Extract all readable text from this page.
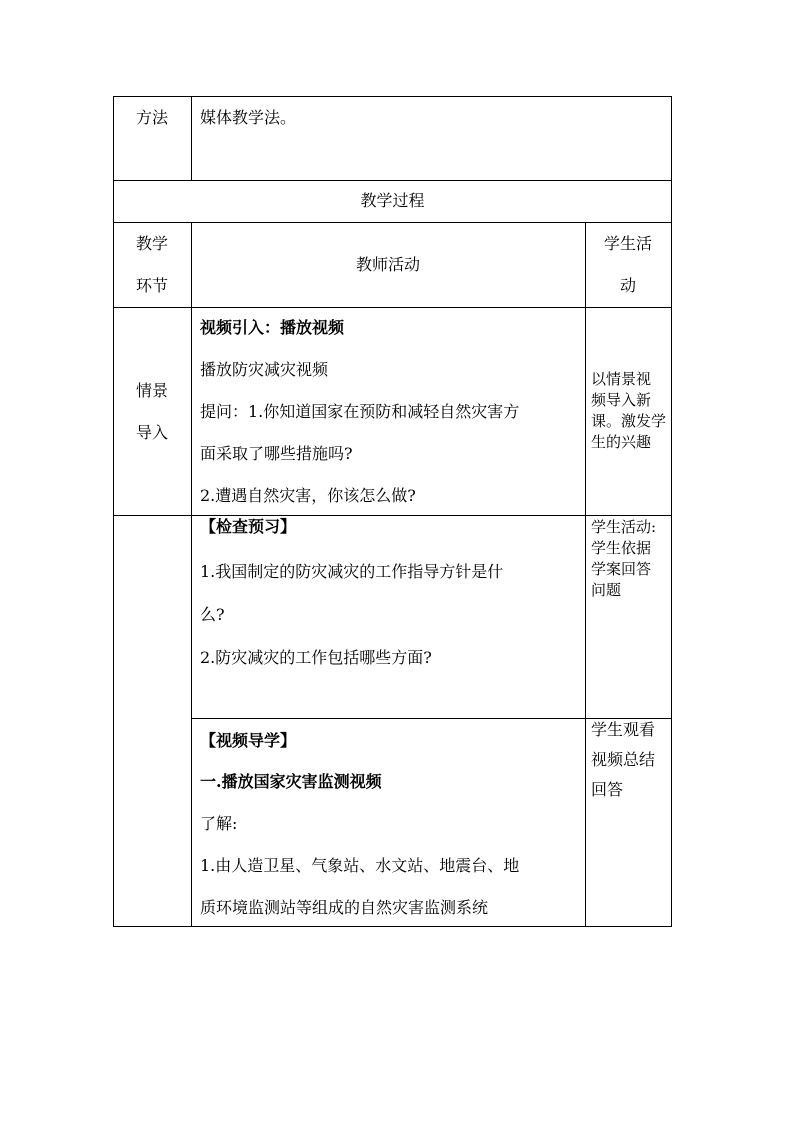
方法	媒体教学法。
教学过程
教学
环节
教师活动
学生活
动
情景
导入
视频引入：播放视频
播放防灾减灾视频
提问：1.你知道国家在预防和减轻自然灾害方
面采取了哪些措施吗?
2.遭遇自然灾害，你该怎么做?
以情景视
频导入新
课。激发学
生的兴趣
【检查预习】
1.我国制定的防灾减灾的工作指导方针是什
么?
2.防灾减灾的工作包括哪些方面?
学生活动:
学生依据
学案回答
问题
【视频导学】
一.播放国家灾害监测视频
了解:
1.由人造卫星、气象站、水文站、地震台、地
质环境监测站等组成的自然灾害监测系统
学生观看
视频总结
回答
